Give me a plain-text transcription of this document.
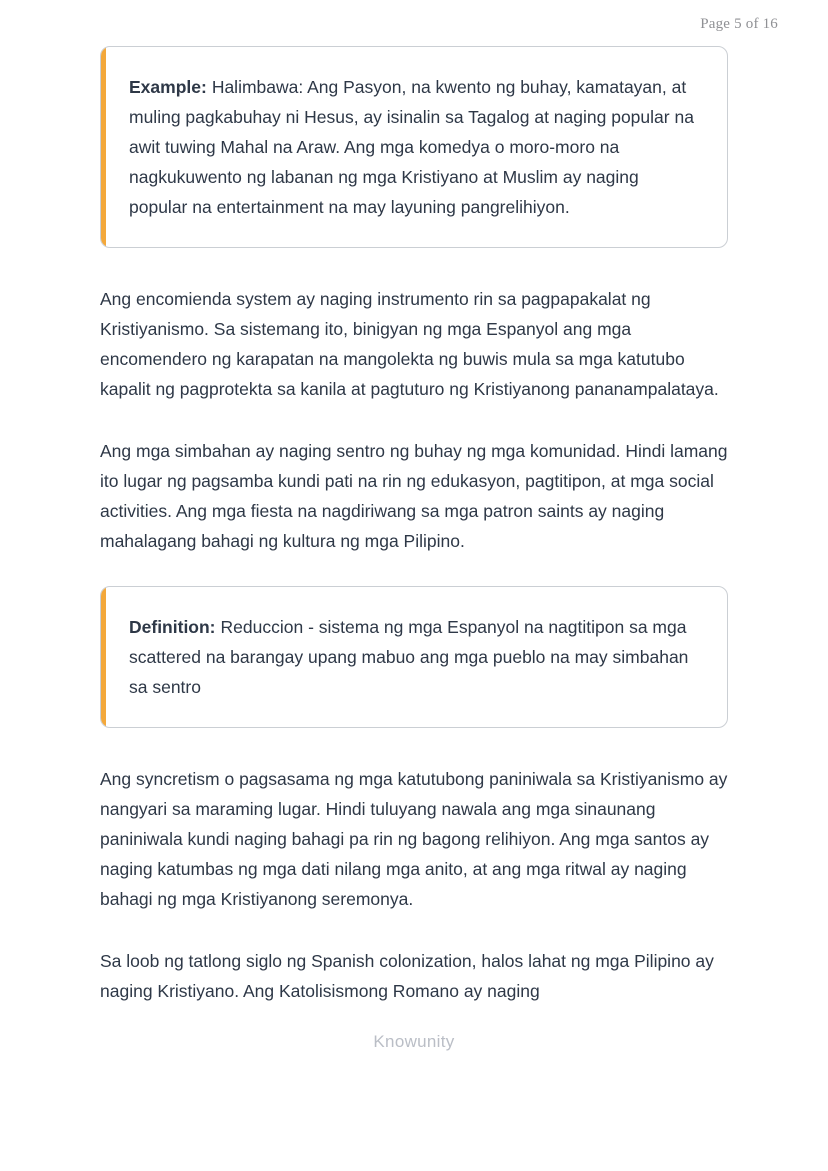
Page 5 of 16

Example: Halimbawa: Ang Pasyon, na kwento ng buhay, kamatayan, at muling pagkabuhay ni Hesus, ay isinalin sa Tagalog at naging popular na awit tuwing Mahal na Araw. Ang mga komedya o moro-moro na nagkukuwento ng labanan ng mga Kristiyano at Muslim ay naging popular na entertainment na may layuning pangrelihiyon.

Ang encomienda system ay naging instrumento rin sa pagpapakalat ng Kristiyanismo. Sa sistemang ito, binigyan ng mga Espanyol ang mga encomendero ng karapatan na mangolekta ng buwis mula sa mga katutubo kapalit ng pagprotekta sa kanila at pagtuturo ng Kristiyanong pananampalataya.

Ang mga simbahan ay naging sentro ng buhay ng mga komunidad. Hindi lamang ito lugar ng pagsamba kundi pati na rin ng edukasyon, pagtitipon, at mga social activities. Ang mga fiesta na nagdiriwang sa mga patron saints ay naging mahalagang bahagi ng kultura ng mga Pilipino.

Definition: Reduccion - sistema ng mga Espanyol na nagtitipon sa mga scattered na barangay upang mabuo ang mga pueblo na may simbahan sa sentro

Ang syncretism o pagsasama ng mga katutubong paniniwala sa Kristiyanismo ay nangyari sa maraming lugar. Hindi tuluyang nawala ang mga sinaunang paniniwala kundi naging bahagi pa rin ng bagong relihiyon. Ang mga santos ay naging katumbas ng mga dati nilang mga anito, at ang mga ritwal ay naging bahagi ng mga Kristiyanong seremonya.

Sa loob ng tatlong siglo ng Spanish colonization, halos lahat ng mga Pilipino ay naging Kristiyano. Ang Katolisismong Romano ay naging

Knowunity
